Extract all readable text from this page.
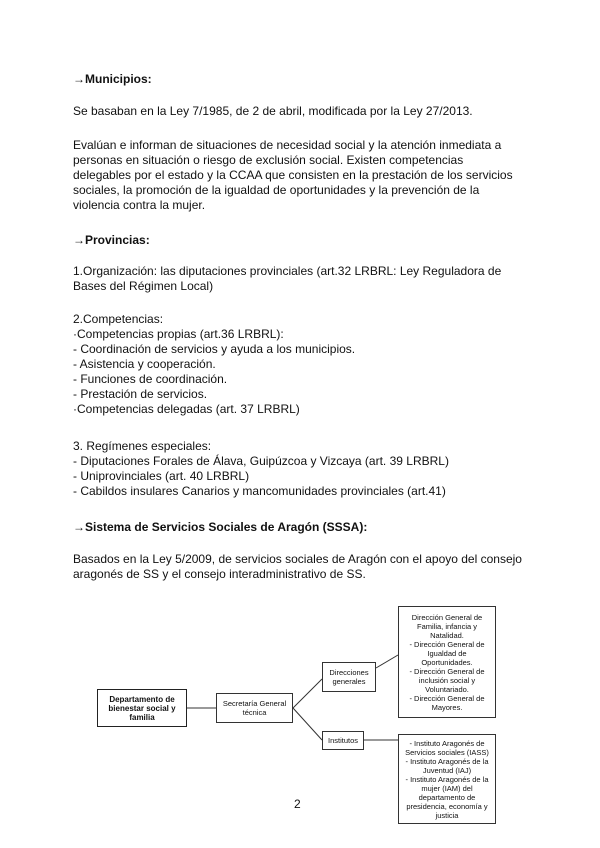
→Municipios:

Se basaban en la Ley 7/1985, de 2 de abril, modificada por la Ley 27/2013.

Evalúan e informan de situaciones de necesidad social y la atención inmediata a
personas en situación o riesgo de exclusión social. Existen competencias
delegables por el estado y la CCAA que consisten en la prestación de los servicios
sociales, la promoción de la igualdad de oportunidades y la prevención de la
violencia contra la mujer.

→Provincias:

1.Organización: las diputaciones provinciales (art.32 LRBRL: Ley Reguladora de
Bases del Régimen Local)
2.Competencias:
·Competencias propias (art.36 LRBRL):
- Coordinación de servicios y ayuda a los municipios.
- Asistencia y cooperación.
- Funciones de coordinación.
- Prestación de servicios.
·Competencias delegadas (art. 37 LRBRL)
3. Regímenes especiales:
- Diputaciones Forales de Álava, Guipúzcoa y Vizcaya (art. 39 LRBRL)
- Uniprovinciales (art. 40 LRBRL)
- Cabildos insulares Canarios y mancomunidades provinciales (art.41)

→Sistema de Servicios Sociales de Aragón (SSSA):

Basados en la Ley 5/2009, de servicios sociales de Aragón con el apoyo del consejo
aragonés de SS y el consejo interadministrativo de SS.
Departamento de
bienestar social y
familia
Secretaría General
técnica
Direcciones
generales
Institutos
Dirección General de
Familia, infancia y
Natalidad.
- Dirección General de
Igualdad de
Oportunidades.
- Dirección General de
inclusión social y
Voluntariado.
- Dirección General de
Mayores.
- Instituto Aragonés de
Servicios sociales (IASS)
- Instituto Aragonés de la
Juventud (IAJ)
- Instituto Aragonés de la
mujer (IAM) del
departamento de
presidencia, economía y
justicia
2
